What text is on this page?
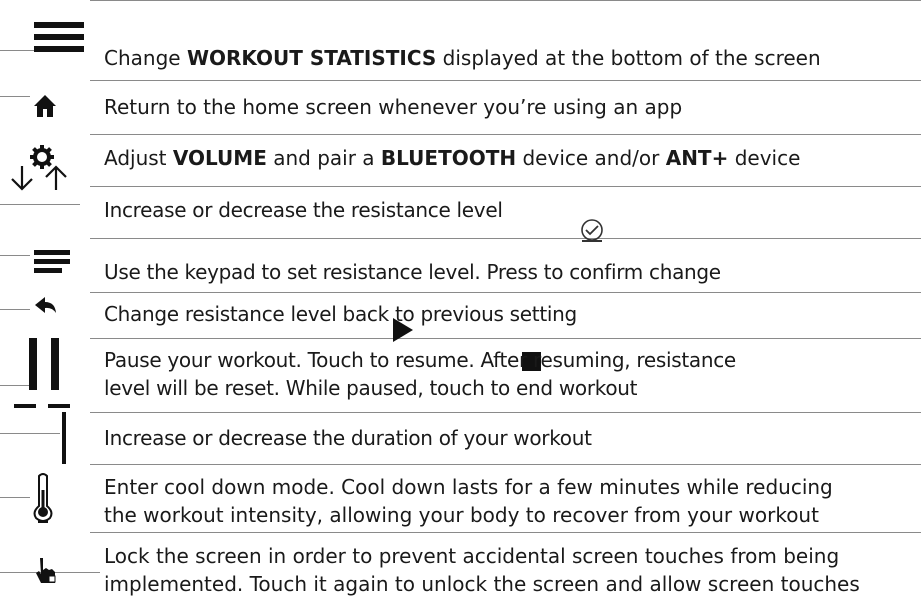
Change WORKOUT STATISTICS displayed at the bottom of the screen
Return to the home screen whenever you’re using an app
Adjust VOLUME and pair a BLUETOOTH device and/or ANT+ device
Increase or decrease the resistance level
Use the keypad to set resistance level. Press to confirm change
Change resistance level back to previous setting
Pause your workout. Touch to resume. After resuming, resistance
level will be reset. While paused, touch to end workout
Increase or decrease the duration of your workout
Enter cool down mode. Cool down lasts for a few minutes while reducing
the workout intensity, allowing your body to recover from your workout
Lock the screen in order to prevent accidental screen touches from being
implemented. Touch it again to unlock the screen and allow screen touches
